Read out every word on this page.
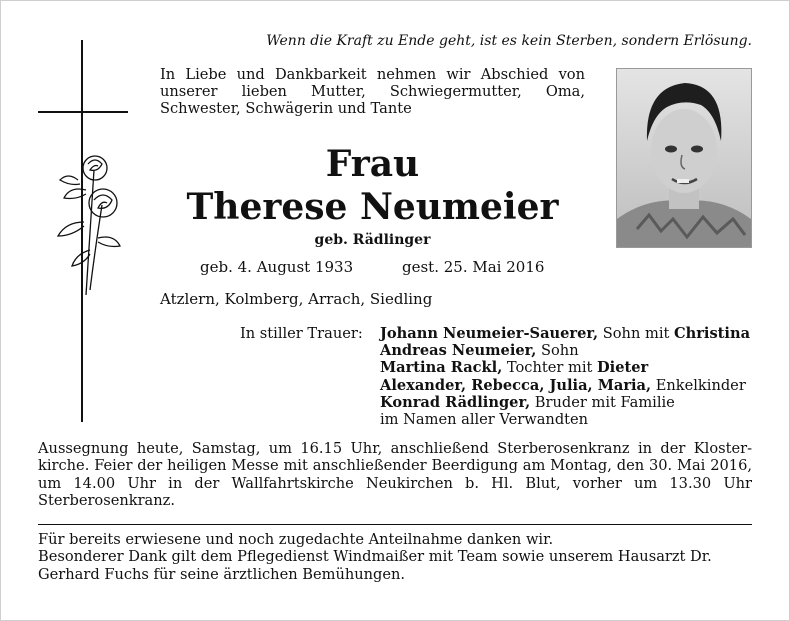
Wenn die Kraft zu Ende geht, ist es kein Sterben, sondern Erlösung.
In Liebe und Dankbarkeit nehmen wir Abschied von unserer lieben Mutter, Schwiegermutter, Oma, Schwester, Schwägerin und Tante
Frau
Therese Neumeier
geb. Rädlinger
geb. 4. August 1933	gest. 25. Mai 2016
Atzlern, Kolmberg, Arrach, Siedling
In stiller Trauer: Johann Neumeier-Sauerer, Sohn mit Christina
Andreas Neumeier, Sohn
Martina Rackl, Tochter mit Dieter
Alexander, Rebecca, Julia, Maria, Enkelkinder
Konrad Rädlinger, Bruder mit Familie
im Namen aller Verwandten
Aussegnung heute, Samstag, um 16.15 Uhr, anschließend Sterberosenkranz in der Kloster-kirche. Feier der heiligen Messe mit anschließender Beerdigung am Montag, den 30. Mai 2016, um 14.00 Uhr in der Wallfahrtskirche Neukirchen b. Hl. Blut, vorher um 13.30 Uhr Sterberosenkranz.
Für bereits erwiesene und noch zugedachte Anteilnahme danken wir.
Besonderer Dank gilt dem Pflegedienst Windmaißer mit Team sowie unserem Hausarzt Dr. Gerhard Fuchs für seine ärztlichen Bemühungen.
